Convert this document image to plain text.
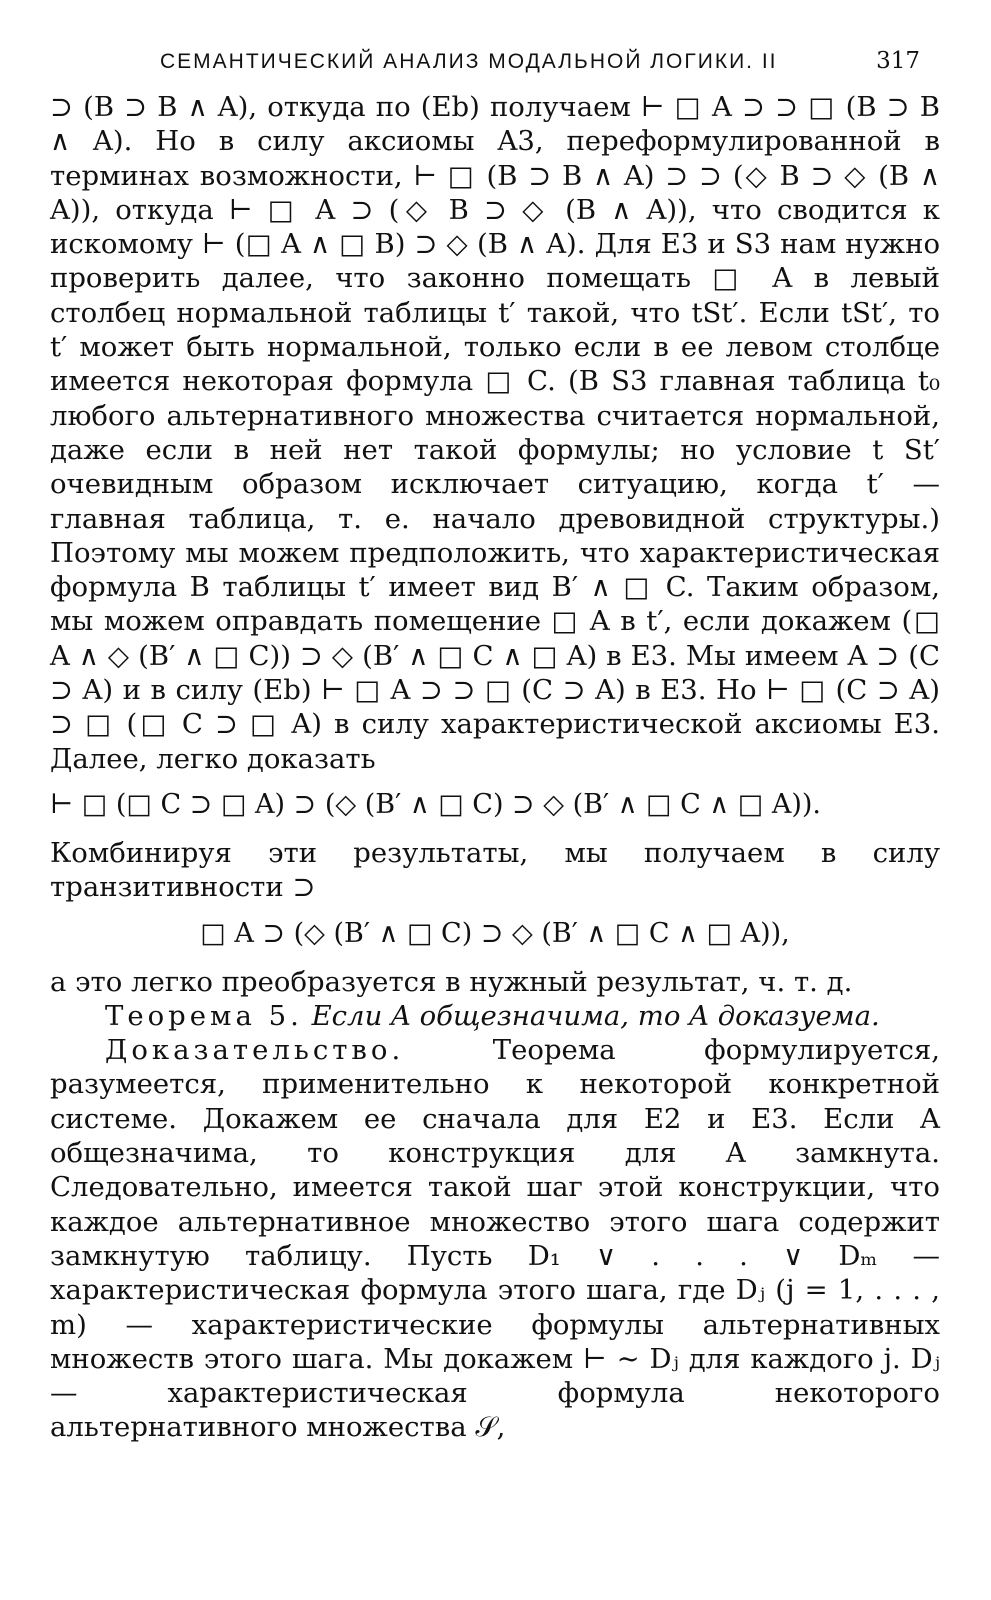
СЕМАНТИЧЕСКИЙ АНАЛИЗ МОДАЛЬНОЙ ЛОГИКИ. II	317

⊃ (B ⊃ B ∧ A), откуда по (Eb) получаем ⊢ □ A ⊃ ⊃ □ (B ⊃ B ∧ A). Но в силу аксиомы A3, переформулированной в терминах возможности, ⊢ □ (B ⊃ B ∧ A) ⊃ ⊃ (◇ B ⊃ ◇ (B ∧ A)), откуда ⊢ □ A ⊃ (◇ B ⊃ ◇ (B ∧ A)), что сводится к искомому ⊢ (□ A ∧ □ B) ⊃ ◇ (B ∧ A). Для E3 и S3 нам нужно проверить далее, что законно помещать □ A в левый столбец нормальной таблицы t′ такой, что tSt′. Если tSt′, то t′ может быть нормальной, только если в ее левом столбце имеется некоторая формула □ C. (В S3 главная таблица t₀ любого альтернативного множества считается нормальной, даже если в ней нет такой формулы; но условие t St′ очевидным образом исключает ситуацию, когда t′ — главная таблица, т. е. начало древовидной структуры.) Поэтому мы можем предположить, что характеристическая формула B таблицы t′ имеет вид B′ ∧ □ C. Таким образом, мы можем оправдать помещение □ A в t′, если докажем (□ A ∧ ◇ (B′ ∧ □ C)) ⊃ ◇ (B′ ∧ □ C ∧ □ A) в E3. Мы имеем A ⊃ (C ⊃ A) и в силу (Eb) ⊢ □ A ⊃ ⊃ □ (C ⊃ A) в E3. Но ⊢ □ (C ⊃ A) ⊃ □ (□ C ⊃ □ A) в силу характеристической аксиомы E3. Далее, легко доказать

⊢ □ (□ C ⊃ □ A) ⊃ (◇ (B′ ∧ □ C) ⊃ ◇ (B′ ∧ □ C ∧ □ A)).

Комбинируя эти результаты, мы получаем в силу транзитивности ⊃

□ A ⊃ (◇ (B′ ∧ □ C) ⊃ ◇ (B′ ∧ □ C ∧ □ A)),

а это легко преобразуется в нужный результат, ч. т. д.

Теорема 5. Если A общезначима, то A доказуема.

Доказательство.	Теорема формулируется, разумеется, применительно к некоторой конкретной системе. Докажем ее сначала для E2 и E3. Если A общезначима, то конструкция для A замкнута. Следовательно, имеется такой шаг этой конструкции, что каждое альтернативное множество этого шага содержит замкнутую таблицу. Пусть D₁ ∨ . . . ∨ Dₘ — характеристическая формула этого шага, где Dⱼ (j = 1, . . . , m) — характеристические формулы альтернативных множеств этого шага. Мы докажем ⊢ ∼ Dⱼ для каждого j. Dⱼ — характеристическая формула некоторого альтернативного множества 𝒮,
